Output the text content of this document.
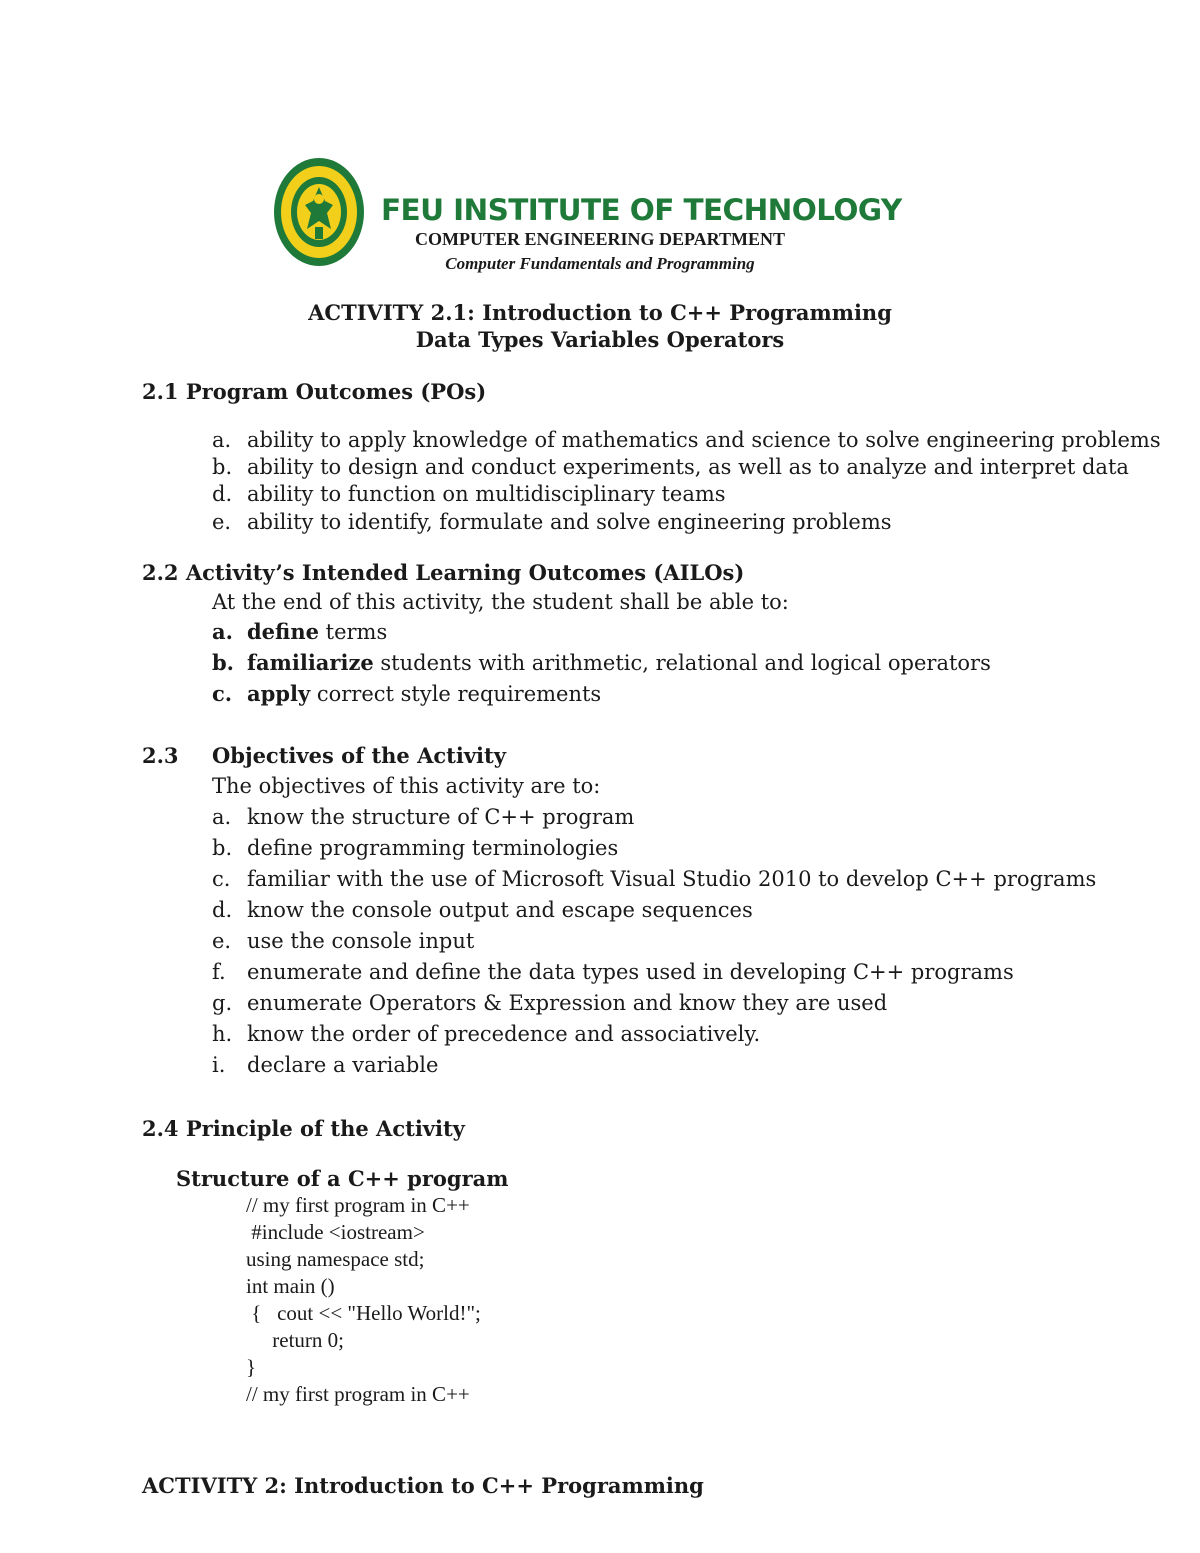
FEU INSTITUTE OF TECHNOLOGY
COMPUTER ENGINEERING DEPARTMENT
Computer Fundamentals and Programming
ACTIVITY 2.1: Introduction to C++ Programming
Data Types Variables Operators
2.1 Program Outcomes (POs)
a. ability to apply knowledge of mathematics and science to solve engineering problems
b. ability to design and conduct experiments, as well as to analyze and interpret data
d. ability to function on multidisciplinary teams
e. ability to identify, formulate and solve engineering problems
2.2 Activity’s Intended Learning Outcomes (AILOs)
At the end of this activity, the student shall be able to:
a. define terms
b. familiarize students with arithmetic, relational and logical operators
c. apply correct style requirements
2.3 Objectives of the Activity
The objectives of this activity are to:
a. know the structure of C++ program
b. define programming terminologies
c. familiar with the use of Microsoft Visual Studio 2010 to develop C++ programs
d. know the console output and escape sequences
e. use the console input
f. enumerate and define the data types used in developing C++ programs
g. enumerate Operators & Expression and know they are used
h. know the order of precedence and associatively.
i. declare a variable
2.4 Principle of the Activity
Structure of a C++ program
// my first program in C++
#include <iostream>
using namespace std;
int main ()
{   cout << "Hello World!";
return 0;
}
// my first program in C++
ACTIVITY 2: Introduction to C++ Programming
